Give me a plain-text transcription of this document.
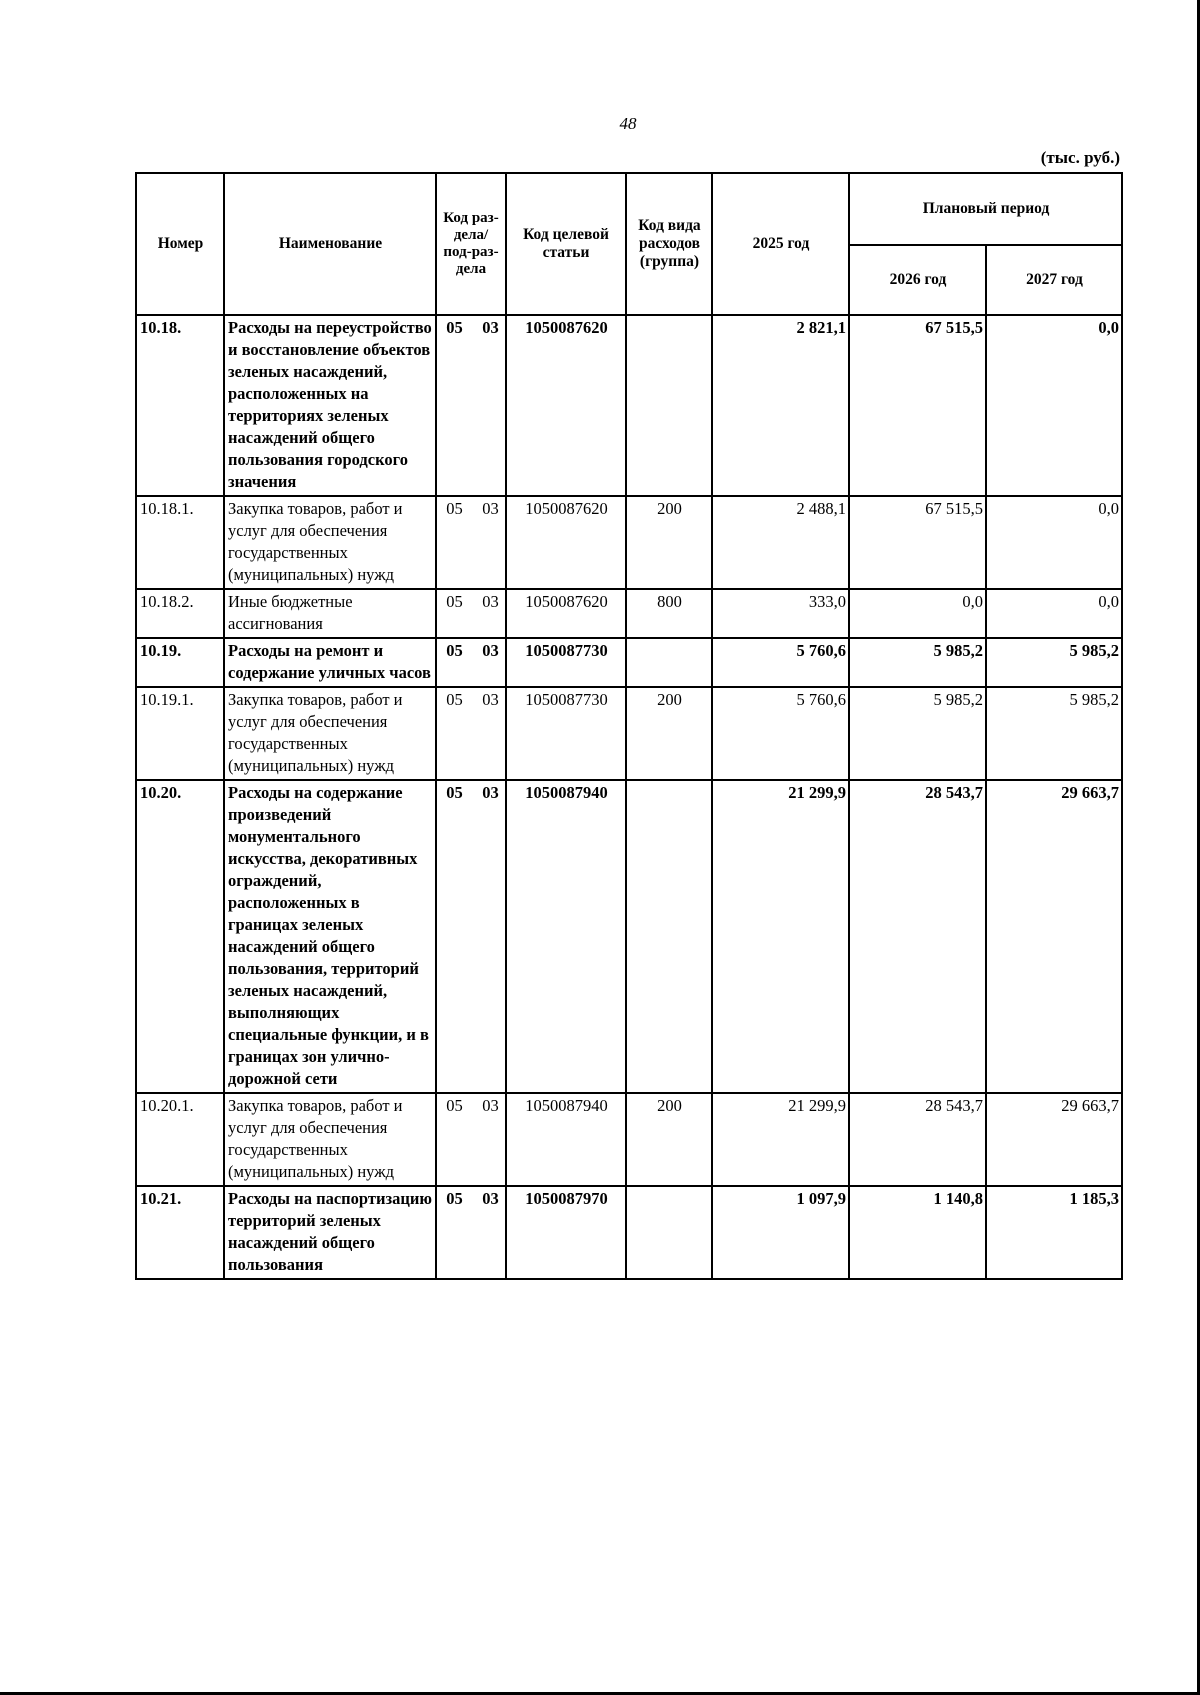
48
(тыс. руб.)
Номер	Наименование	Код раз-дела/ под-раз-дела	Код целевой статьи	Код вида расходов (группа)	2025 год	Плановый период	
						2026 год	2027 год
10.18.	Расходы на переустройство и восстановление объектов зеленых насаждений, расположенных на территориях зеленых насаждений общего пользования городского значения	05 03	1050087620		2 821,1	67 515,5	0,0
10.18.1.	Закупка товаров, работ и услуг для обеспечения государственных (муниципальных) нужд	05 03	1050087620	200	2 488,1	67 515,5	0,0
10.18.2.	Иные бюджетные ассигнования	05 03	1050087620	800	333,0	0,0	0,0
10.19.	Расходы на ремонт и содержание уличных часов	05 03	1050087730		5 760,6	5 985,2	5 985,2
10.19.1.	Закупка товаров, работ и услуг для обеспечения государственных (муниципальных) нужд	05 03	1050087730	200	5 760,6	5 985,2	5 985,2
10.20.	Расходы на содержание произведений монументального искусства, декоративных ограждений, расположенных в границах зеленых насаждений общего пользования, территорий зеленых насаждений, выполняющих специальные функции, и в границах зон улично-дорожной сети	05 03	1050087940		21 299,9	28 543,7	29 663,7
10.20.1.	Закупка товаров, работ и услуг для обеспечения государственных (муниципальных) нужд	05 03	1050087940	200	21 299,9	28 543,7	29 663,7
10.21.	Расходы на паспортизацию территорий зеленых насаждений общего пользования	05 03	1050087970		1 097,9	1 140,8	1 185,3
